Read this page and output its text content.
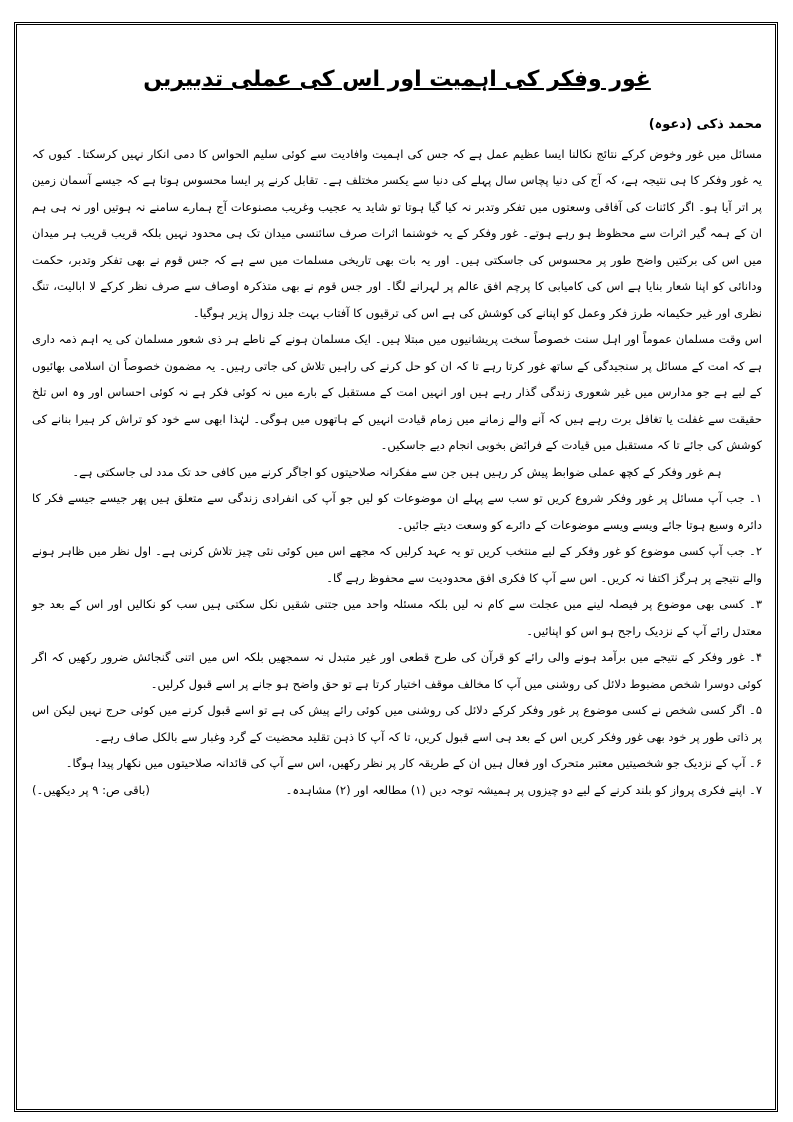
غور وفکر کی اہمیت اور اس کی عملی تدبیریں
محمد ذکی (دعوہ)

مسائل میں غور وخوض کرکے نتائج نکالنا ایسا عظیم عمل ہے کہ جس کی اہمیت وافادیت سے کوئی سلیم الحواس کا دمی انکار نہیں کرسکتا۔ کیوں کہ یہ غور وفکر کا ہی نتیجہ ہے، کہ آج کی دنیا پچاس سال پہلے کی دنیا سے یکسر مختلف ہے۔ تقابل کرنے پر ایسا محسوس ہوتا ہے کہ جیسے آسمان زمین پر اتر آیا ہو۔ اگر کائنات کی آفاقی وسعتوں میں تفکر وتدبر نہ کیا گیا ہوتا تو شاید یہ عجیب وغریب مصنوعات آج ہمارے سامنے نہ ہوتیں اور نہ ہی ہم ان کے ہمہ گیر اثرات سے محظوظ ہو رہے ہوتے۔ غور وفکر کے یہ خوشنما اثرات صرف سائنسی میدان تک ہی محدود نہیں بلکہ قریب قریب ہر میدان میں اس کی برکتیں واضح طور پر محسوس کی جاسکتی ہیں۔ اور یہ بات بھی تاریخی مسلمات میں سے ہے کہ جس قوم نے بھی تفکر وتدبر، حکمت ودانائی کو اپنا شعار بنایا ہے اس کی کامیابی کا پرچم افق عالم پر لہرانے لگا۔ اور جس قوم نے بھی متذکرہ اوصاف سے صرف نظر کرکے لا ابالیت، تنگ نظری اور غیر حکیمانہ طرز فکر وعمل کو اپنانے کی کوشش کی ہے اس کی ترقیوں کا آفتاب بہت جلد زوال پزیر ہوگیا۔

اس وقت مسلمان عموماً اور اہل سنت خصوصاً سخت پریشانیوں میں مبتلا ہیں۔ ایک مسلمان ہونے کے ناطے ہر ذی شعور مسلمان کی یہ اہم ذمہ داری ہے کہ امت کے مسائل پر سنجیدگی کے ساتھ غور کرتا رہے تا کہ ان کو حل کرنے کی راہیں تلاش کی جاتی رہیں۔ یہ مضمون خصوصاً ان اسلامی بھائیوں کے لیے ہے جو مدارس میں غیر شعوری زندگی گذار رہے ہیں اور انہیں امت کے مستقبل کے بارے میں نہ کوئی فکر ہے نہ کوئی احساس اور وہ اس تلخ حقیقت سے غفلت یا تغافل برت رہے ہیں کہ آنے والے زمانے میں زمام قیادت انہیں کے ہاتھوں میں ہوگی۔ لہٰذا ابھی سے خود کو تراش کر ہیرا بنانے کی کوشش کی جائے تا کہ مستقبل میں قیادت کے فرائض بخوبی انجام دیے جاسکیں۔

ہم غور وفکر کے کچھ عملی ضوابط پیش کر رہیں ہیں جن سے مفکرانہ صلاحیتوں کو اجاگر کرنے میں کافی حد تک مدد لی جاسکتی ہے۔

۱۔ جب آپ مسائل پر غور وفکر شروع کریں تو سب سے پہلے ان موضوعات کو لیں جو آپ کی انفرادی زندگی سے متعلق ہیں پھر جیسے جیسے فکر کا دائرہ وسیع ہوتا جائے ویسے ویسے موضوعات کے دائرے کو وسعت دیتے جائیں۔

۲۔ جب آپ کسی موضوع کو غور وفکر کے لیے منتخب کریں تو یہ عہد کرلیں کہ مجھے اس میں کوئی نئی چیز تلاش کرنی ہے۔ اول نظر میں ظاہر ہونے والے نتیجے پر ہرگز اکتفا نہ کریں۔ اس سے آپ کا فکری افق محدودیت سے محفوظ رہے گا۔

۳۔ کسی بھی موضوع پر فیصلہ لینے میں عجلت سے کام نہ لیں بلکہ مسئلہ واحد میں جتنی شقیں نکل سکتی ہیں سب کو نکالیں اور اس کے بعد جو معتدل رائے آپ کے نزدیک راجح ہو اس کو اپنائیں۔

۴۔ غور وفکر کے نتیجے میں برآمد ہونے والی رائے کو قرآن کی طرح قطعی اور غیر متبدل نہ سمجھیں بلکہ اس میں اتنی گنجائش ضرور رکھیں کہ اگر کوئی دوسرا شخص مضبوط دلائل کی روشنی میں آپ کا مخالف موقف اختیار کرتا ہے تو حق واضح ہو جانے پر اسے قبول کرلیں۔

۵۔ اگر کسی شخص نے کسی موضوع پر غور وفکر کرکے دلائل کی روشنی میں کوئی رائے پیش کی ہے تو اسے قبول کرنے میں کوئی حرج نہیں لیکن اس پر ذاتی طور پر خود بھی غور وفکر کریں اس کے بعد ہی اسے قبول کریں، تا کہ آپ کا ذہن تقلید محضیت کے گرد وغبار سے بالکل صاف رہے۔

۶۔ آپ کے نزدیک جو شخصیتیں معتبر متحرک اور فعال ہیں ان کے طریقہ کار پر نظر رکھیں، اس سے آپ کی قائدانہ صلاحیتوں میں نکھار پیدا ہوگا۔

۷۔ اپنے فکری پرواز کو بلند کرنے کے لیے دو چیزوں پر ہمیشہ توجہ دیں (۱) مطالعہ اور (۲) مشاہدہ۔
(باقی ص: ۹ پر دیکھیں۔)
